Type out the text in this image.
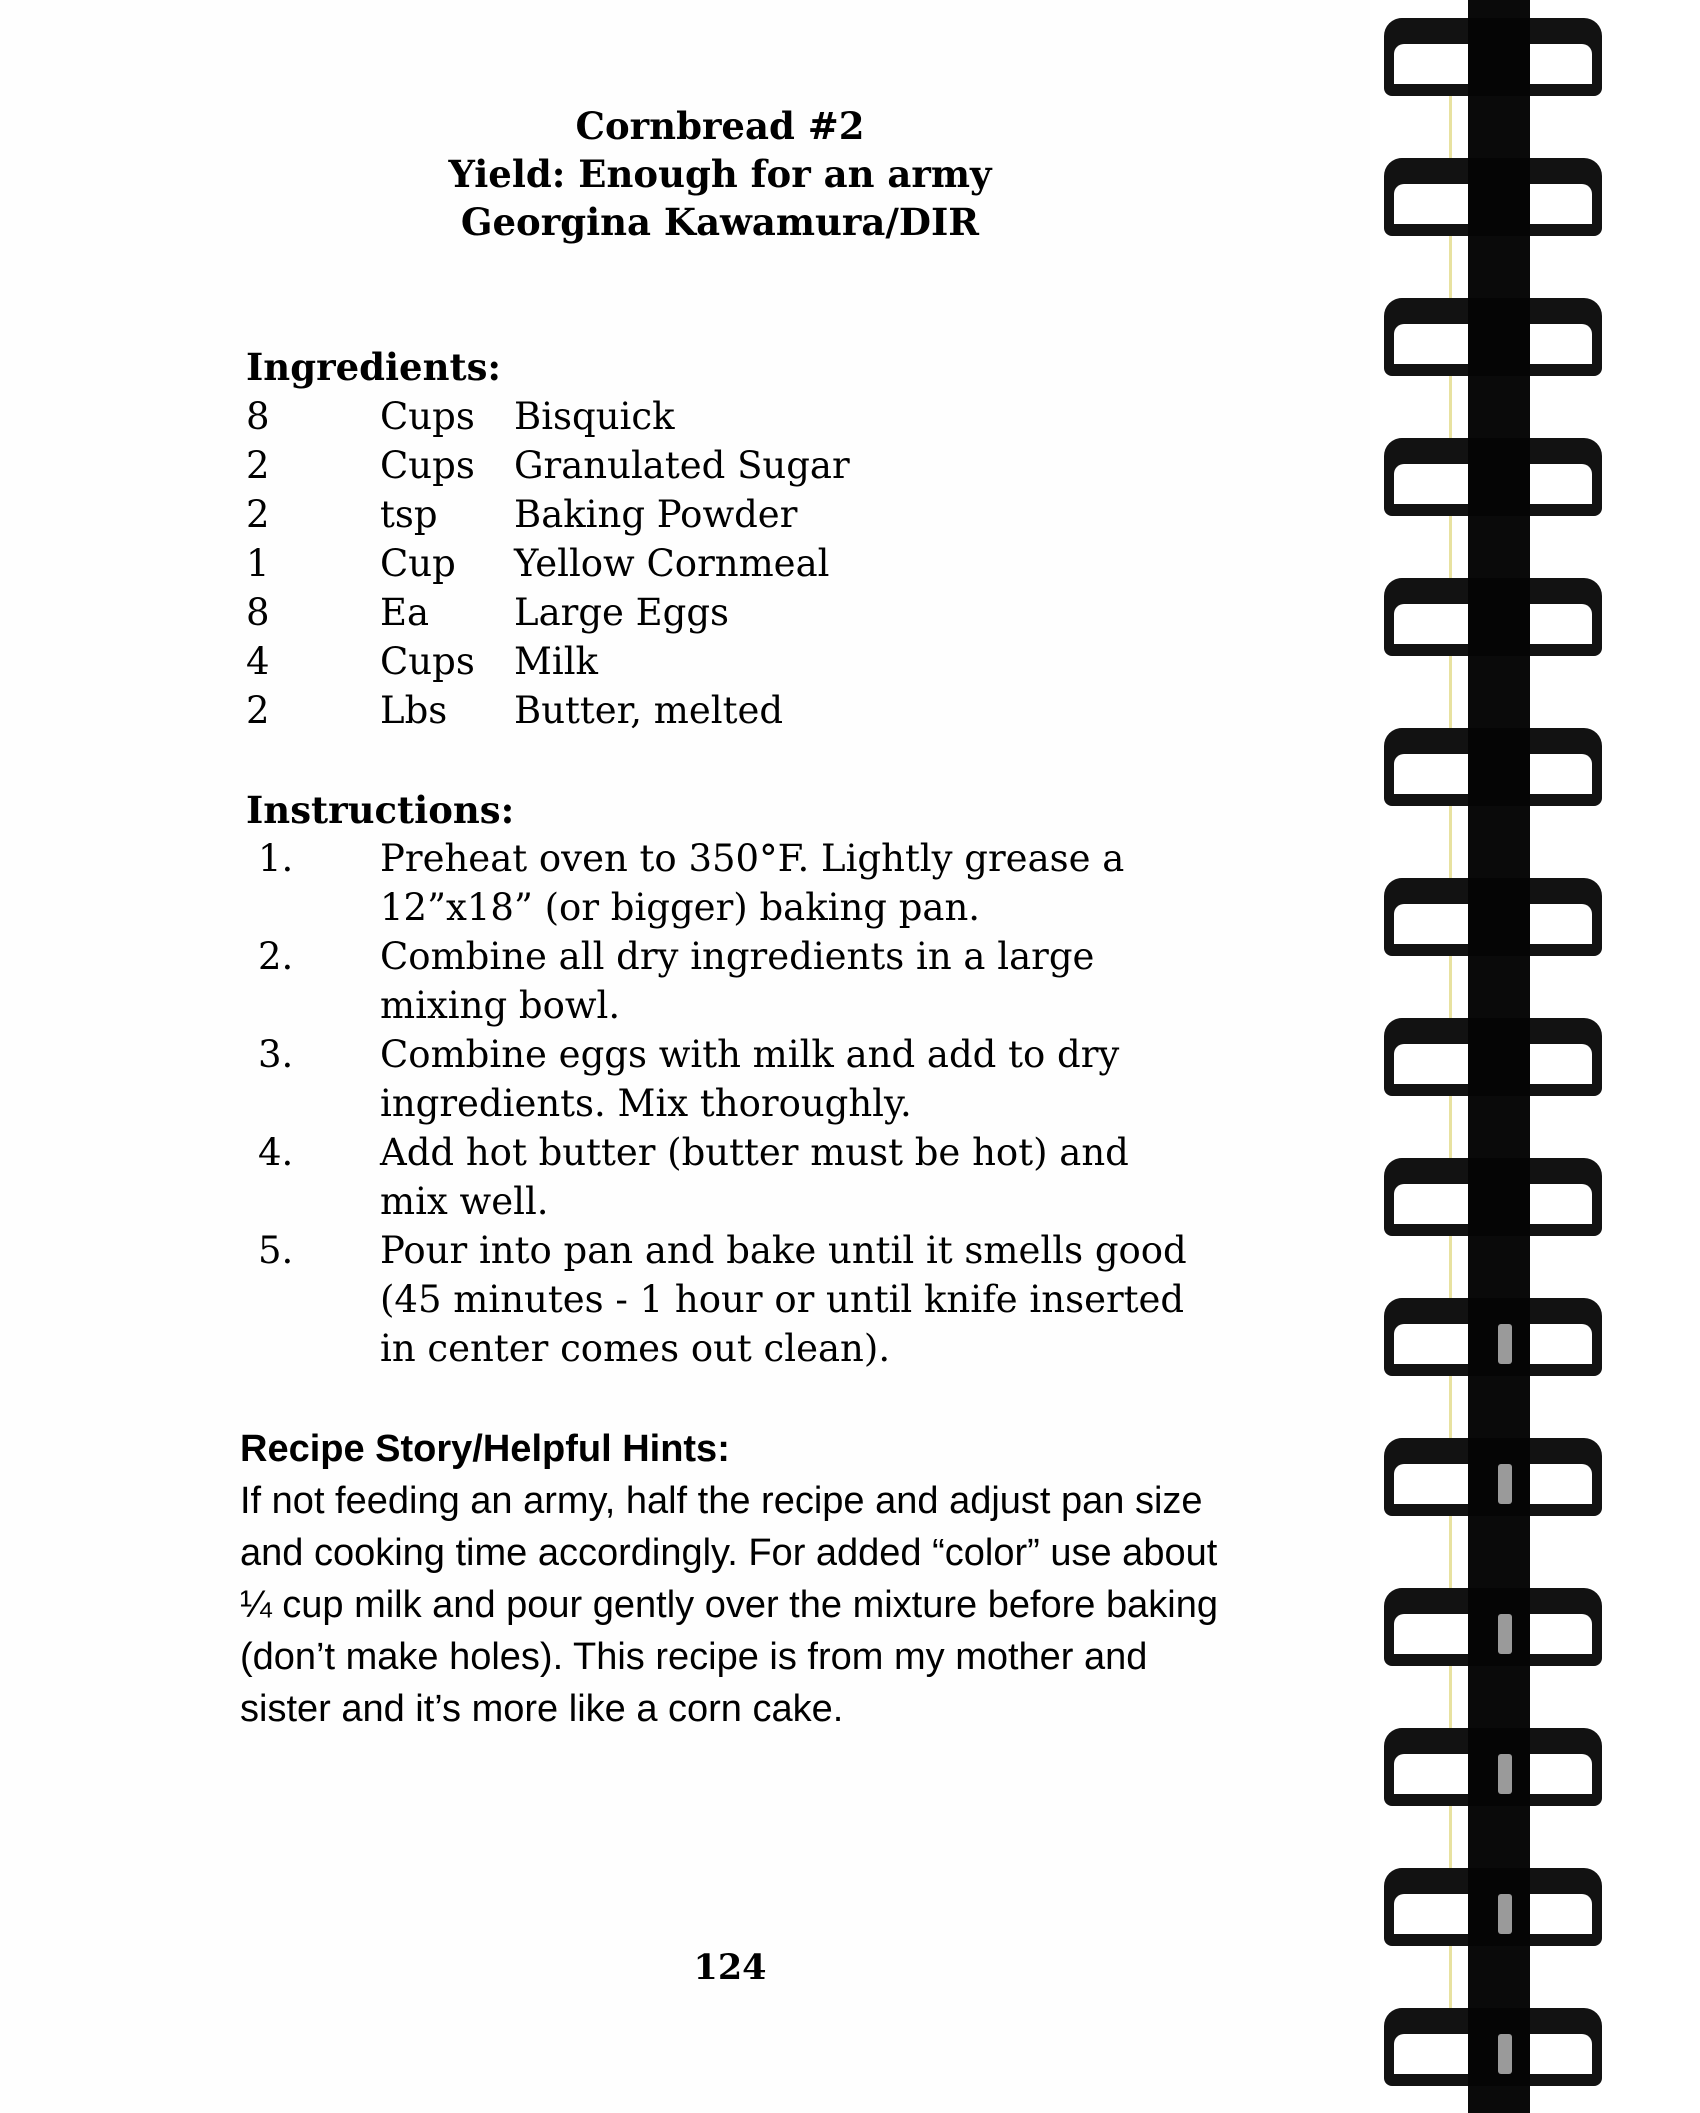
Cornbread #2
Yield: Enough for an army
Georgina Kawamura/DIR
Ingredients:
8	Cups Bisquick
2	Cups Granulated Sugar
2	tsp Baking Powder
1	Cup Yellow Cornmeal
8	Ea Large Eggs
4	Cups Milk
2	Lbs Butter, melted
Instructions:
1.	Preheat oven to 350°F. Lightly grease a 12”x18” (or bigger) baking pan.
2.	Combine all dry ingredients in a large mixing bowl.
3.	Combine eggs with milk and add to dry ingredients. Mix thoroughly.
4.	Add hot butter (butter must be hot) and mix well.
5.	Pour into pan and bake until it smells good (45 minutes - 1 hour or until knife inserted in center comes out clean).
Recipe Story/Helpful Hints:

If not feeding an army, half the recipe and adjust pan size and cooking time accordingly. For added “color” use about ¼ cup milk and pour gently over the mixture before baking (don’t make holes). This recipe is from my mother and sister and it’s more like a corn cake.

124
